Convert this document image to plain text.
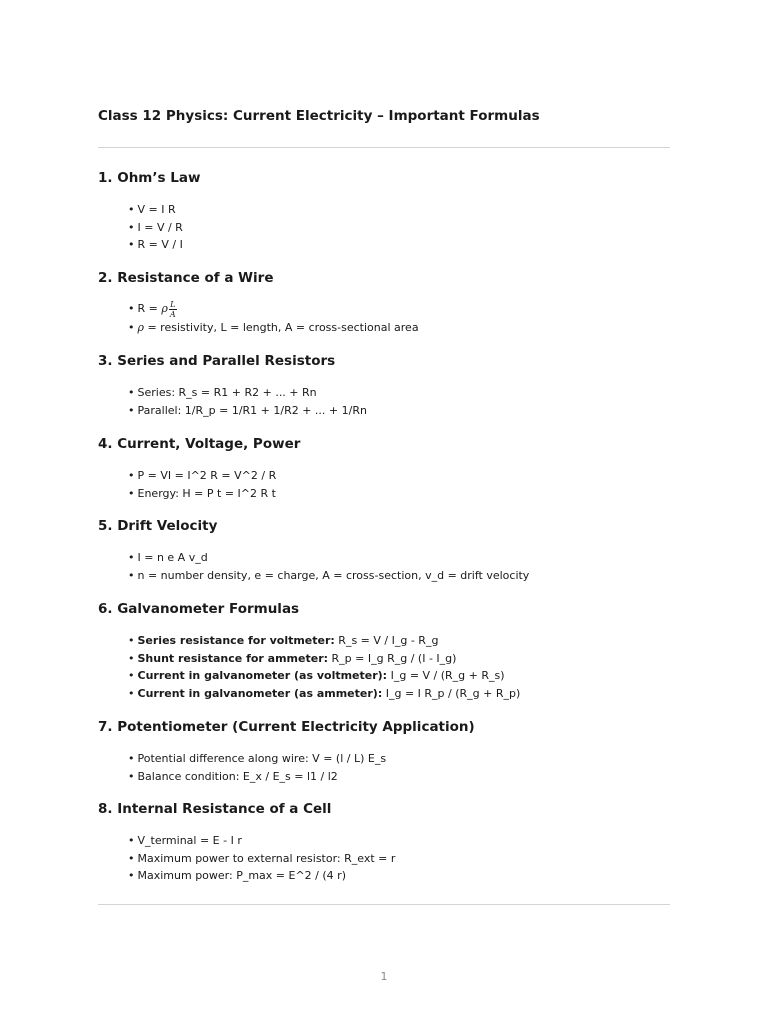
Class 12 Physics: Current Electricity – Important Formulas
1. Ohm’s Law
• V = I R
• I = V / R
• R = V / I
2. Resistance of a Wire
• R = ρ $\frac{L}{A}$
• ρ = resistivity, L = length, A = cross-sectional area
3. Series and Parallel Resistors
• Series: R_s = R1 + R2 + ... + Rn
• Parallel: 1/R_p = 1/R1 + 1/R2 + ... + 1/Rn
4. Current, Voltage, Power
• P = VI = I^2 R = V^2 / R
• Energy: H = P t = I^2 R t
5. Drift Velocity
• I = n e A v_d
• n = number density, e = charge, A = cross-section, v_d = drift velocity
6. Galvanometer Formulas
• Series resistance for voltmeter: R_s = V / I_g - R_g
• Shunt resistance for ammeter: R_p = I_g R_g / (I - I_g)
• Current in galvanometer (as voltmeter): I_g = V / (R_g + R_s)
• Current in galvanometer (as ammeter): I_g = I R_p / (R_g + R_p)
7. Potentiometer (Current Electricity Application)
• Potential difference along wire: V = (l / L) E_s
• Balance condition: E_x / E_s = l1 / l2
8. Internal Resistance of a Cell
• V_terminal = E - I r
• Maximum power to external resistor: R_ext = r
• Maximum power: P_max = E^2 / (4 r)
1
